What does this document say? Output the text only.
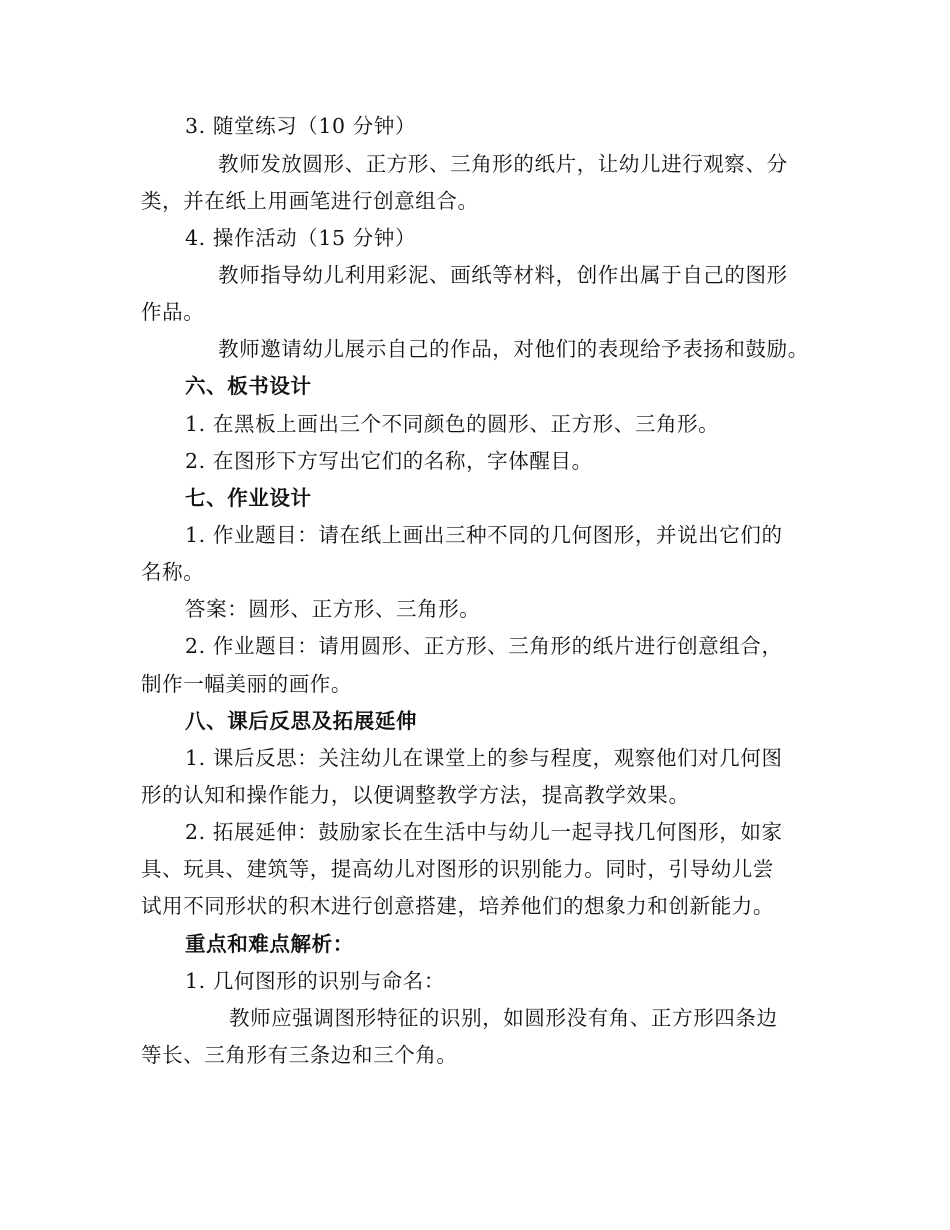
3. 随堂练习（10 分钟）
教师发放圆形、正方形、三角形的纸片，让幼儿进行观察、分
类，并在纸上用画笔进行创意组合。
4. 操作活动（15 分钟）
教师指导幼儿利用彩泥、画纸等材料，创作出属于自己的图形
作品。
教师邀请幼儿展示自己的作品，对他们的表现给予表扬和鼓励。
六、板书设计
1. 在黑板上画出三个不同颜色的圆形、正方形、三角形。
2. 在图形下方写出它们的名称，字体醒目。
七、作业设计
1. 作业题目：请在纸上画出三种不同的几何图形，并说出它们的
名称。
答案：圆形、正方形、三角形。
2. 作业题目：请用圆形、正方形、三角形的纸片进行创意组合，
制作一幅美丽的画作。
八、课后反思及拓展延伸
1. 课后反思：关注幼儿在课堂上的参与程度，观察他们对几何图
形的认知和操作能力，以便调整教学方法，提高教学效果。
2. 拓展延伸：鼓励家长在生活中与幼儿一起寻找几何图形，如家
具、玩具、建筑等，提高幼儿对图形的识别能力。同时，引导幼儿尝
试用不同形状的积木进行创意搭建，培养他们的想象力和创新能力。
重点和难点解析：
1. 几何图形的识别与命名：
教师应强调图形特征的识别，如圆形没有角、正方形四条边
等长、三角形有三条边和三个角。
